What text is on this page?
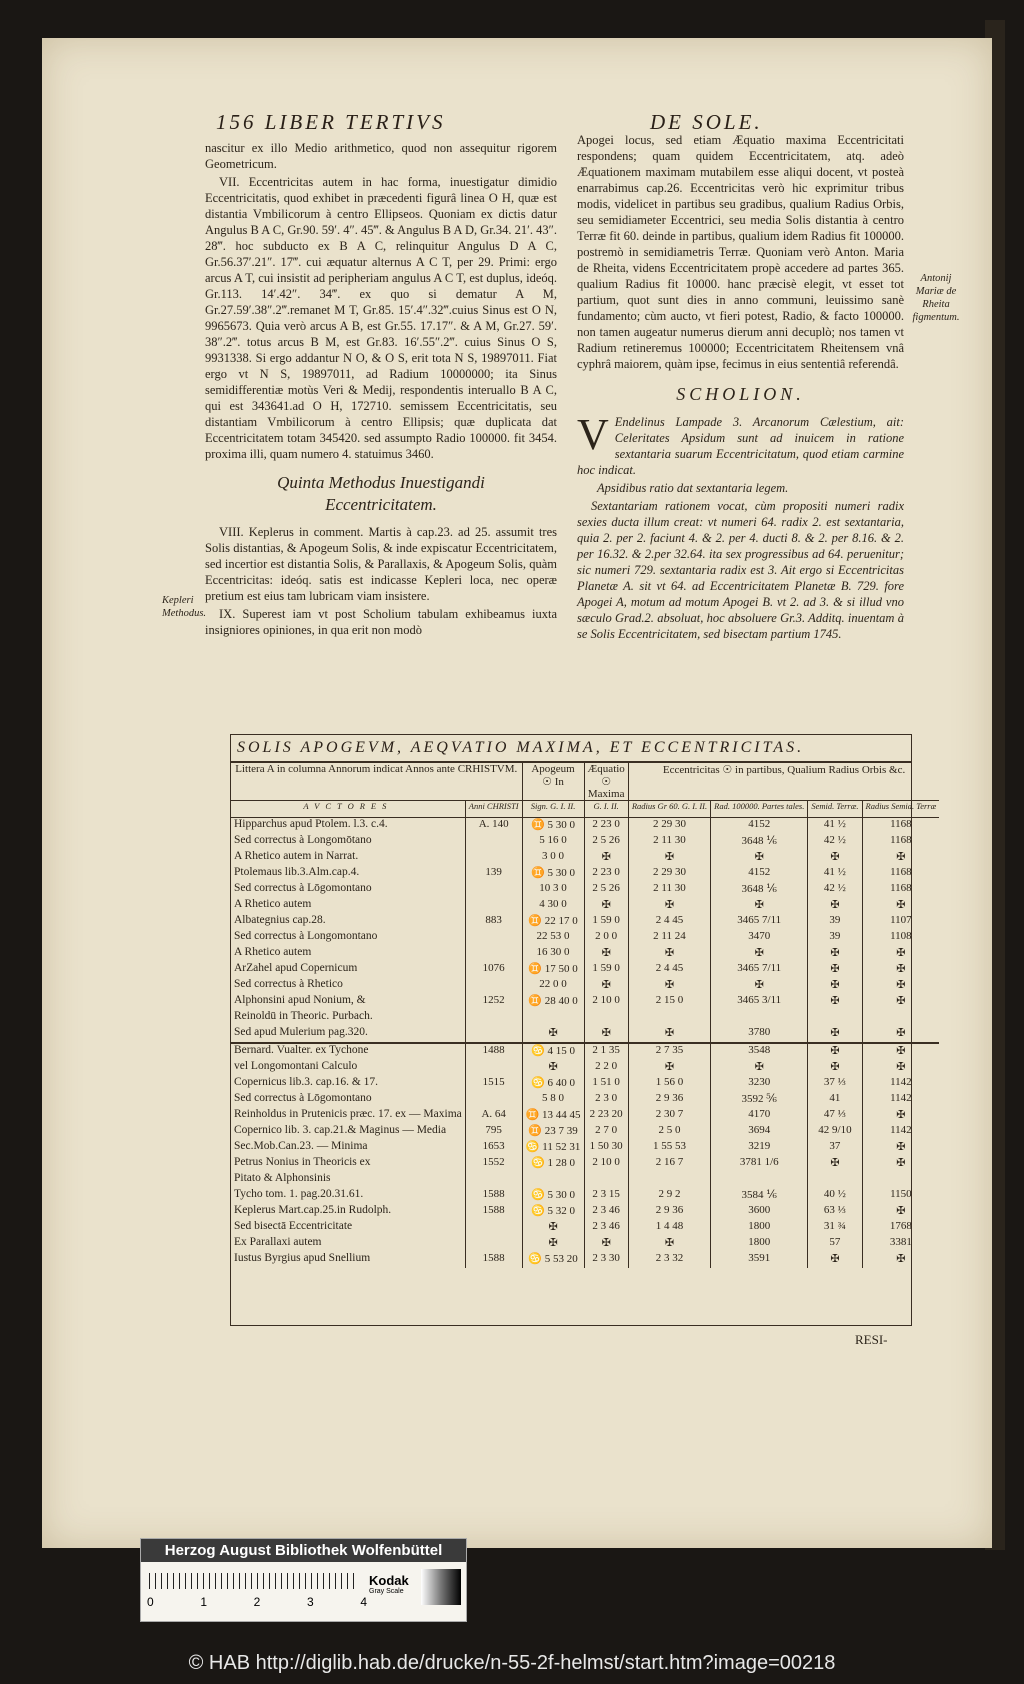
156 LIBER TERTIVS	DE SOLE.

nascitur ex illo Medio arithmetico, quod non assequitur rigorem Geometricum.

VII. Eccentricitas autem in hac forma, inuestigatur dimidio Eccentricitatis, quod exhibet in præcedenti figurâ linea O H, quæ est distantia Vmbilicorum à centro Ellipseos. Quoniam ex dictis datur Angulus B A C, Gr.90. 59′. 4″. 45‴. & Angulus B A D, Gr.34. 21′. 43″. 28‴. hoc subducto ex B A C, relinquitur Angulus D A C, Gr.56.37′.21″. 17‴. cui æquatur alternus A C T, per 29. Primi: ergo arcus A T, cui insistit ad peripheriam angulus A C T, est duplus, ideóq. Gr.113. 14′.42″. 34‴. ex quo si dematur A M, Gr.27.59′.38″.2‴.remanet M T, Gr.85. 15′.4″.32‴.cuius Sinus est O N, 9965673. Quia verò arcus A B, est Gr.55. 17.17″. & A M, Gr.27. 59′. 38″.2‴. totus arcus B M, est Gr.83. 16′.55″.2‴. cuius Sinus O S, 9931338. Si ergo addantur N O, & O S, erit tota N S, 19897011. Fiat ergo vt N S, 19897011, ad Radium 10000000; ita Sinus semidifferentiæ motùs Veri & Medij, respondentis interuallo B A C, qui est 343641.ad O H, 172710. semissem Eccentricitatis, seu distantiam Vmbilicorum à centro Ellipsis; quæ duplicata dat Eccentricitatem totam 345420. sed assumpto Radio 100000. fit 3454. proxima illi, quam numero 4. statuimus 3460.

Quinta Methodus Inuestigandi
Eccentricitatem.

VIII. Keplerus in comment. Martis à cap.23. ad 25. assumit tres Solis distantias, & Apogeum Solis, & inde expiscatur Eccentricitatem, sed incertior est distantia Solis, & Parallaxis, & Apogeum Solis, quàm Eccentricitas: ideóq. satis est indicasse Kepleri loca, nec operæ pretium est eius tam lubricam viam insistere.

IX. Superest iam vt post Scholium tabulam exhibeamus iuxta insigniores opiniones, in qua erit non modò

Kepleri Methodus.

Apogei locus, sed etiam Æquatio maxima Eccentricitati respondens; quam quidem Eccentricitatem, atq. adeò Æquationem maximam mutabilem esse aliqui docent, vt posteà enarrabimus cap.26. Eccentricitas verò hic exprimitur tribus modis, videlicet in partibus seu gradibus, qualium Radius Orbis, seu semidiameter Eccentrici, seu media Solis distantia à centro Terræ fit 60. deinde in partibus, qualium idem Radius fit 100000. postremò in semidiametris Terræ. Quoniam verò Anton. Maria de Rheita, videns Eccentricitatem propè accedere ad partes 365. qualium Radius fit 10000. hanc præcisè elegit, vt esset tot partium, quot sunt dies in anno communi, leuissimo sanè fundamento; cùm aucto, vt fieri potest, Radio, & facto 100000. non tamen augeatur numerus dierum anni decuplò; nos tamen vt Radium retineremus 100000; Eccentricitatem Rheitensem vnâ cyphrâ maiorem, quàm ipse, fecimus in eius sententiâ referendâ.

SCHOLION.

V Endelinus Lampade 3. Arcanorum Cælestium, ait: Celeritates Apsidum sunt ad inuicem in ratione sextantaria suarum Eccentricitatum, quod etiam carmine hoc indicat.

Apsidibus ratio dat sextantaria legem.

Sextantariam rationem vocat, cùm propositi numeri radix sexies ducta illum creat: vt numeri 64. radix 2. est sextantaria, quia 2. per 2. faciunt 4. & 2. per 4. ducti 8. & 2. per 8.16. & 2. per 16.32. & 2.per 32.64. ita sex progressibus ad 64. peruenitur; sic numeri 729. sextantaria radix est 3. Ait ergo si Eccentricitas Planetæ A. sit vt 64. ad Eccentricitatem Planetæ B. 729. fore Apogei A, motum ad motum Apogei B. vt 2. ad 3. & si illud vno sæculo Grad.2. absoluat, hoc absoluere Gr.3. Additq. inuentam à se Solis Eccentricitatem, sed bisectam partium 1745.

Antonij Mariæ de Rheita figmentum.
SOLIS APOGEVM, AEQVATIO MAXIMA, ET ECCENTRICITAS.
Littera A in columna Annorum indicat Annos ante CRHISTVM.		Apogeum ☉ In	Æquatio ☉ Maxima	Eccentricitas ☉ in partibus, Qualium Radius Orbis &c.			
AVCTORES	Anni CHRISTI	Sign. G. I. II.	G. I. II.	Radius Gr 60. G. I. II.	Rad. 100000. Partes tales.	Semid. Terræ.	Radius Semid. Terræ
Hipparchus apud Ptolem. l.3. c.4.	A. 140	♊ 5 30 0	2 23 0	2 29 30	4152	41 ½	1168
Sed correctus à Longomōtano		5 16 0	2 5 26	2 11 30	3648 ⅙	42 ½	1168
A Rhetico autem in Narrat.		3 0 0	✠	✠	✠	✠	✠
Ptolemaus lib.3.Alm.cap.4.	139	♊ 5 30 0	2 23 0	2 29 30	4152	41 ½	1168
Sed correctus à Lōgomontano		10 3 0	2 5 26	2 11 30	3648 ⅙	42 ½	1168
A Rhetico autem		4 30 0	✠	✠	✠	✠	✠
Albategnius cap.28.	883	♊ 22 17 0	1 59 0	2 4 45	3465 7/11	39	1107
Sed correctus à Longomontano		22 53 0	2 0 0	2 11 24	3470	39	1108
A Rhetico autem		16 30 0	✠	✠	✠	✠	✠
ArZahel apud Copernicum	1076	♊ 17 50 0	1 59 0	2 4 45	3465 7/11	✠	✠
Sed correctus à Rhetico		22 0 0	✠	✠	✠	✠	✠
Alphonsini apud Nonium, &	1252	♊ 28 40 0	2 10 0	2 15 0	3465 3/11	✠	✠
Reinoldū in Theoric. Purbach.							
Sed apud Mulerium pag.320.		✠	✠	✠	3780	✠	✠
Bernard. Vualter. ex Tychone	1488	♋ 4 15 0	2 1 35	2 7 35	3548	✠	✠
vel Longomontani Calculo		✠	2 2 0	✠	✠	✠	✠
Copernicus lib.3. cap.16. & 17.	1515	♋ 6 40 0	1 51 0	1 56 0	3230	37 ⅓	1142
Sed correctus à Lōgomontano		5 8 0	2 3 0	2 9 36	3592 ⅚	41	1142
Reinholdus in Prutenicis præc. 17. ex — Maxima	A. 64	♊ 13 44 45	2 23 20	2 30 7	4170	47 ⅓	✠
Copernico lib. 3. cap.21.& Maginus — Media	795	♊ 23 7 39	2 7 0	2 5 0	3694	42 9/10	1142
Sec.Mob.Can.23. — Minima	1653	♋ 11 52 31	1 50 30	1 55 53	3219	37	✠
Petrus Nonius in Theoricis ex	1552	♋ 1 28 0	2 10 0	2 16 7	3781 1/6	✠	✠
Pitato & Alphonsinis							
Tycho tom. 1. pag.20.31.61.	1588	♋ 5 30 0	2 3 15	2 9 2	3584 ⅙	40 ½	1150
Keplerus Mart.cap.25.in Rudolph.	1588	♋ 5 32 0	2 3 46	2 9 36	3600	63 ⅓	✠
Sed bisectā Eccentricitate		✠	2 3 46	1 4 48	1800	31 ¾	1768
Ex Parallaxi autem		✠	✠	✠	1800	57	3381
Iustus Byrgius apud Snellium	1588	♋ 5 53 20	2 3 30	2 3 32	3591	✠	✠
RESI-
Herzog August Bibliothek Wolfenbüttel
0	1	2	3	4
Kodak
Gray Scale
© HAB http://diglib.hab.de/drucke/n-55-2f-helmst/start.htm?image=00218
